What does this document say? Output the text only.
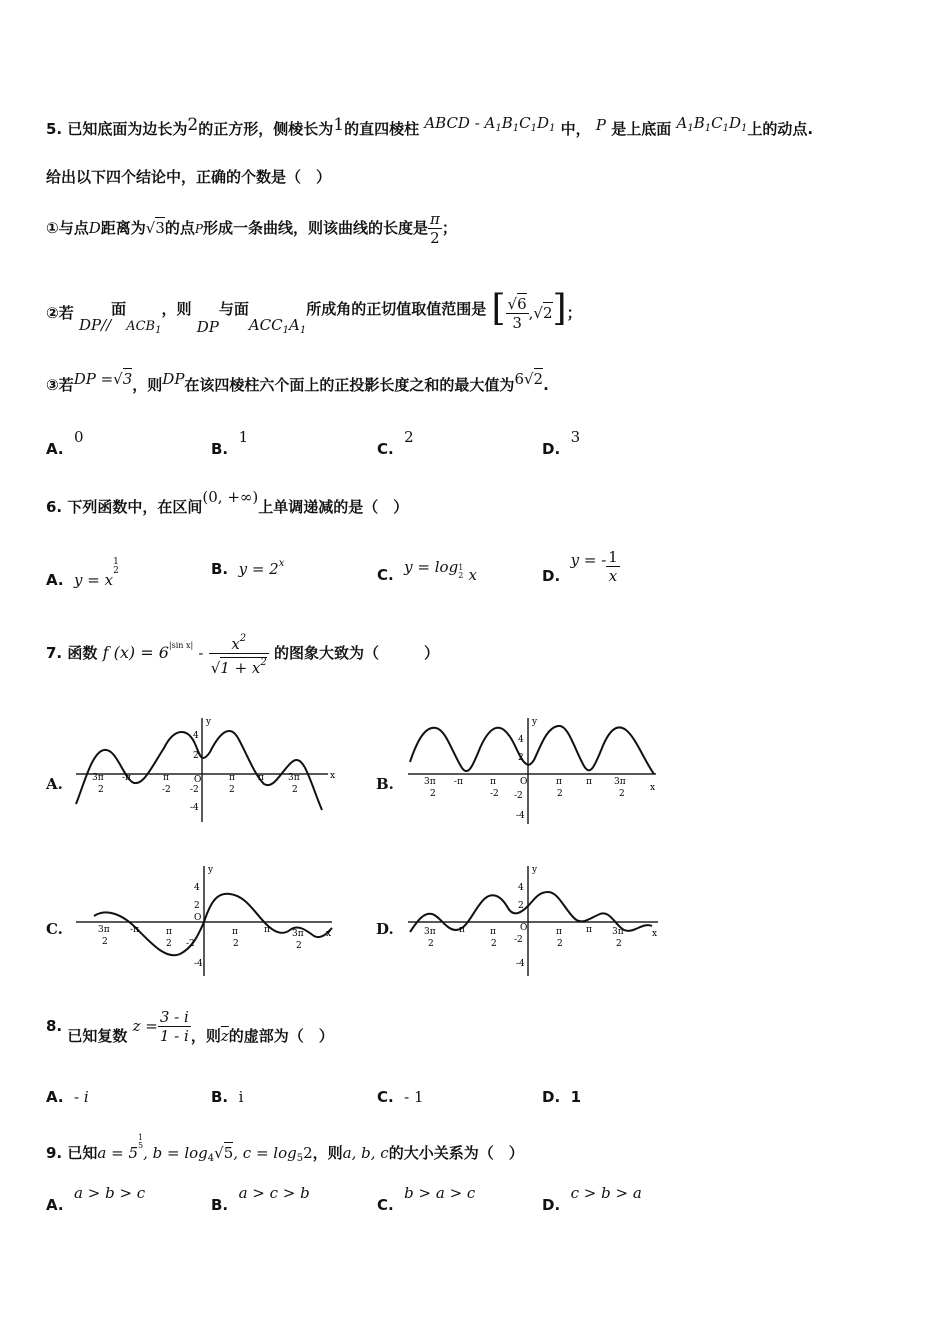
5. 已知底面为边长为2的正方形，侧棱长为1的直四棱柱 ABCD - $A_1B_1C_1D_1$ 中， P 是上底面 $A_1B_1C_1D_1$上的动点.
给出以下四个结论中，正确的个数是（　）
①与点D距离为√3的点P形成一条曲线，则该曲线的长度是 $\frac{\pi}{2}$ ；
②若 DP//面$ACB_1$，则 DP与面$ACC_1A_1$所成角的正切值取值范围是 [ $\frac{√6}{3} ,√2$]；
③若DP =√3，则DP在该四棱柱六个面上的正投影长度之和的最大值为6√2.
A.  0
B.  1
C.  2
D.  3
6. 下列函数中，在区间(0, +∞)上单调递减的是（　）
A. y = x1
2	B. $y = 2^x$
C. y = log1
2 x	D.  y = - $\frac{1}{x}$
7. 函数 f $(x) = 6^{|sin x|} - \frac{x^2}{√1 + x^2}$ 的图象大致为（　　　）
A.
y
x
4
2
-2
-4
O
3π
2
-π	π
-2
π
2
π	3π
2	B.
y
x
4
2
-2
-4
O
3π
2
-π	π
-2
π
2
π 3π
2
C.
y
x
4
2
O
-2
-4
3π
2
-π	π
2
π
2
π 3π
2
D.
y
x
4
2
O
-2
-4
3π
2
-π	π
2
π
2
π 3π
2
8. 已知复数 $z = \frac{3 - i}{1 - i}$ ，则$\overline{z}$的虚部为（　）
A. - i	B. i	C. - 1	D. 1
9. 已知a = 51
5, $b = \log_4√5$, $c = \log_52$，则a, b, c的大小关系为（　）
A.  a > b > c
B.  a > c > b
C.  b > a > c
D.  c > b > a
